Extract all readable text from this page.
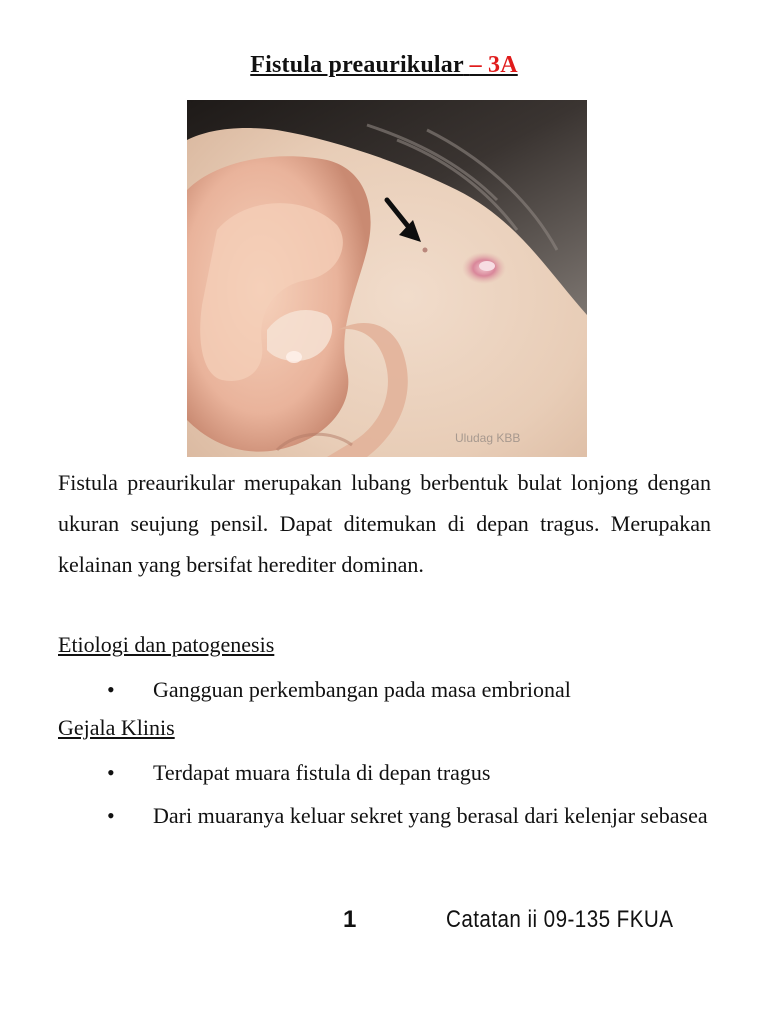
Fistula preaurikular – 3A
Uludag KBB

Fistula preaurikular merupakan lubang berbentuk bulat lonjong dengan ukuran seujung pensil. Dapat ditemukan di depan tragus. Merupakan kelainan yang bersifat herediter dominan.

Etiologi dan patogenesis

• Gangguan perkembangan pada masa embrional

Gejala Klinis

• Terdapat muara fistula di depan tragus

• Dari muaranya keluar sekret yang berasal dari kelenjar sebasea

1	Catatan ii 09-135 FKUA
